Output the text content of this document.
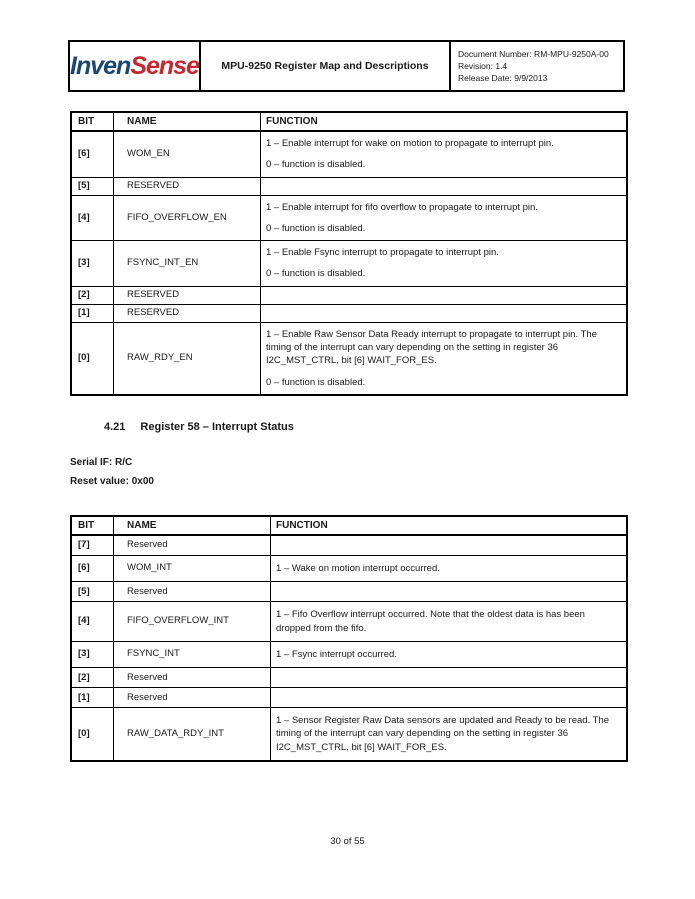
InvenSense	MPU-9250 Register Map and Descriptions
Document Number: RM-MPU-9250A-00
Revision: 1.4
Release Date: 9/9/2013
BIT	NAME	FUNCTION
[6]	WOM_EN	1 – Enable interrupt for wake on motion to propagate to interrupt pin.

0 – function is disabled.

[5]	RESERVED	
[4]	FIFO_OVERFLOW_EN	1 – Enable interrupt for fifo overflow to propagate to interrupt pin.

0 – function is disabled.

[3]	FSYNC_INT_EN	1 – Enable Fsync interrupt to propagate to interrupt pin.

0 – function is disabled.

[2]	RESERVED	
[1]	RESERVED	
[0]	RAW_RDY_EN	1 – Enable Raw Sensor Data Ready interrupt to propagate to interrupt pin. The timing of the interrupt can vary depending on the setting in register 36 I2C_MST_CTRL, bit [6] WAIT_FOR_ES.

0 – function is disabled.

4.21 Register 58 – Interrupt Status
Serial IF: R/C
Reset value: 0x00
BIT	NAME	FUNCTION
[7]	Reserved	
[6]	WOM_INT	1 – Wake on motion interrupt occurred.

[5]	Reserved	
[4]	FIFO_OVERFLOW_INT	1 – Fifo Overflow interrupt occurred. Note that the oldest data is has been dropped from the fifo.

[3]	FSYNC_INT	1 – Fsync interrupt occurred.

[2]	Reserved	
[1]	Reserved	
[0]	RAW_DATA_RDY_INT	1 – Sensor Register Raw Data sensors are updated and Ready to be read. The timing of the interrupt can vary depending on the setting in register 36 I2C_MST_CTRL, bit [6] WAIT_FOR_ES.

30 of 55
